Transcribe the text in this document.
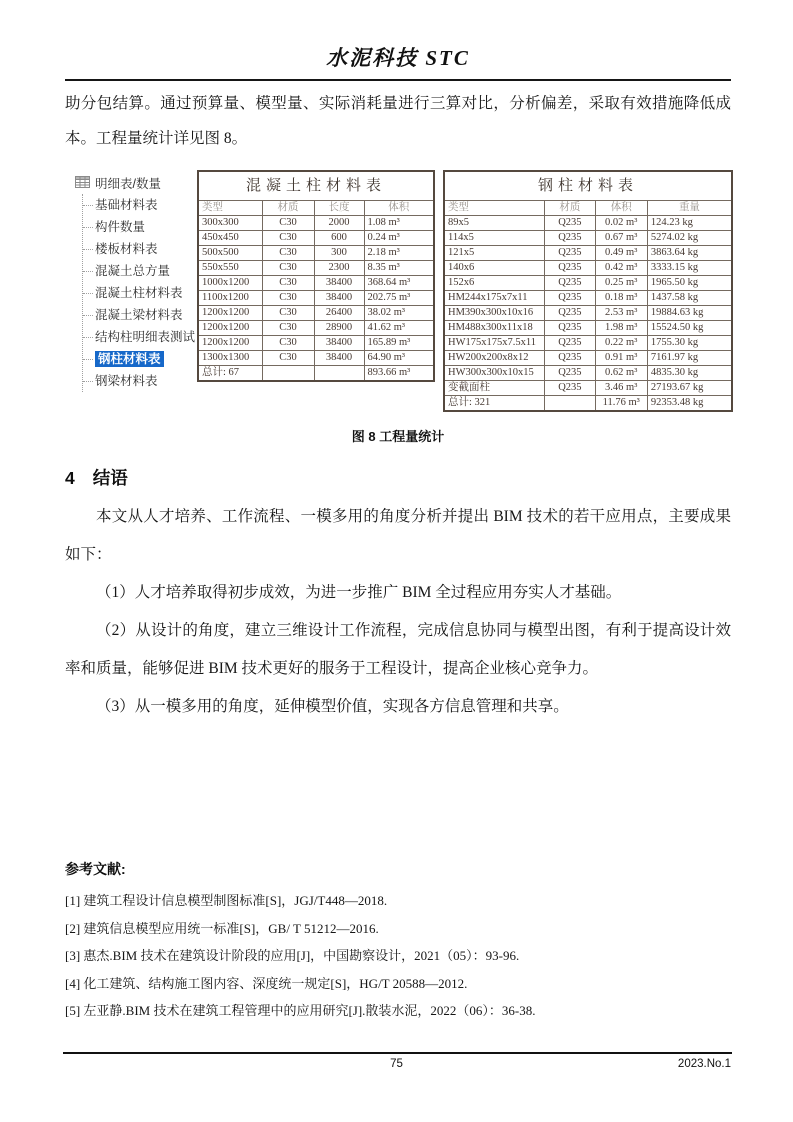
水泥科技 STC

助分包结算。通过预算量、模型量、实际消耗量进行三算对比，分析偏差，采取有效措施降低成本。工程量统计详见图 8。

明细表/数量
基础材料表
构件数量
楼板材料表
混凝土总方量
混凝土柱材料表
混凝土梁材料表
结构柱明细表测试
钢柱材料表
钢梁材料表
混凝土柱材料表			
类型	材质	长度	体积
300x300	C30	2000	1.08 m³
450x450	C30	600	0.24 m³
500x500	C30	300	2.18 m³
550x550	C30	2300	8.35 m³
1000x1200	C30	38400	368.64 m³
1100x1200	C30	38400	202.75 m³
1200x1200	C30	26400	38.02 m³
1200x1200	C30	28900	41.62 m³
1200x1200	C30	38400	165.89 m³
1300x1300	C30	38400	64.90 m³
总计: 67			893.66 m³
钢柱材料表			
类型	材质	体积	重量
89x5	Q235	0.02 m³	124.23 kg
114x5	Q235	0.67 m³	5274.02 kg
121x5	Q235	0.49 m³	3863.64 kg
140x6	Q235	0.42 m³	3333.15 kg
152x6	Q235	0.25 m³	1965.50 kg
HM244x175x7x11	Q235	0.18 m³	1437.58 kg
HM390x300x10x16	Q235	2.53 m³	19884.63 kg
HM488x300x11x18	Q235	1.98 m³	15524.50 kg
HW175x175x7.5x11	Q235	0.22 m³	1755.30 kg
HW200x200x8x12	Q235	0.91 m³	7161.97 kg
HW300x300x10x15	Q235	0.62 m³	4835.30 kg
变截面柱	Q235	3.46 m³	27193.67 kg
总计: 321		11.76 m³	92353.48 kg
图 8 工程量统计
4 结语

本文从人才培养、工作流程、一模多用的角度分析并提出 BIM 技术的若干应用点，主要成果如下：

（1）人才培养取得初步成效，为进一步推广 BIM 全过程应用夯实人才基础。

（2）从设计的角度，建立三维设计工作流程，完成信息协同与模型出图，有利于提高设计效率和质量，能够促进 BIM 技术更好的服务于工程设计，提高企业核心竞争力。

（3）从一模多用的角度，延伸模型价值，实现各方信息管理和共享。

参考文献:
[1] 建筑工程设计信息模型制图标准[S]，JGJ/T448—2018.
[2] 建筑信息模型应用统一标准[S]，GB/ T 51212—2016.
[3] 惠杰.BIM 技术在建筑设计阶段的应用[J]，中国勘察设计，2021（05）：93-96.
[4] 化工建筑、结构施工图内容、深度统一规定[S]，HG/T 20588—2012.
[5] 左亚静.BIM 技术在建筑工程管理中的应用研究[J].散装水泥，2022（06）：36-38.
75	2023.No.1
